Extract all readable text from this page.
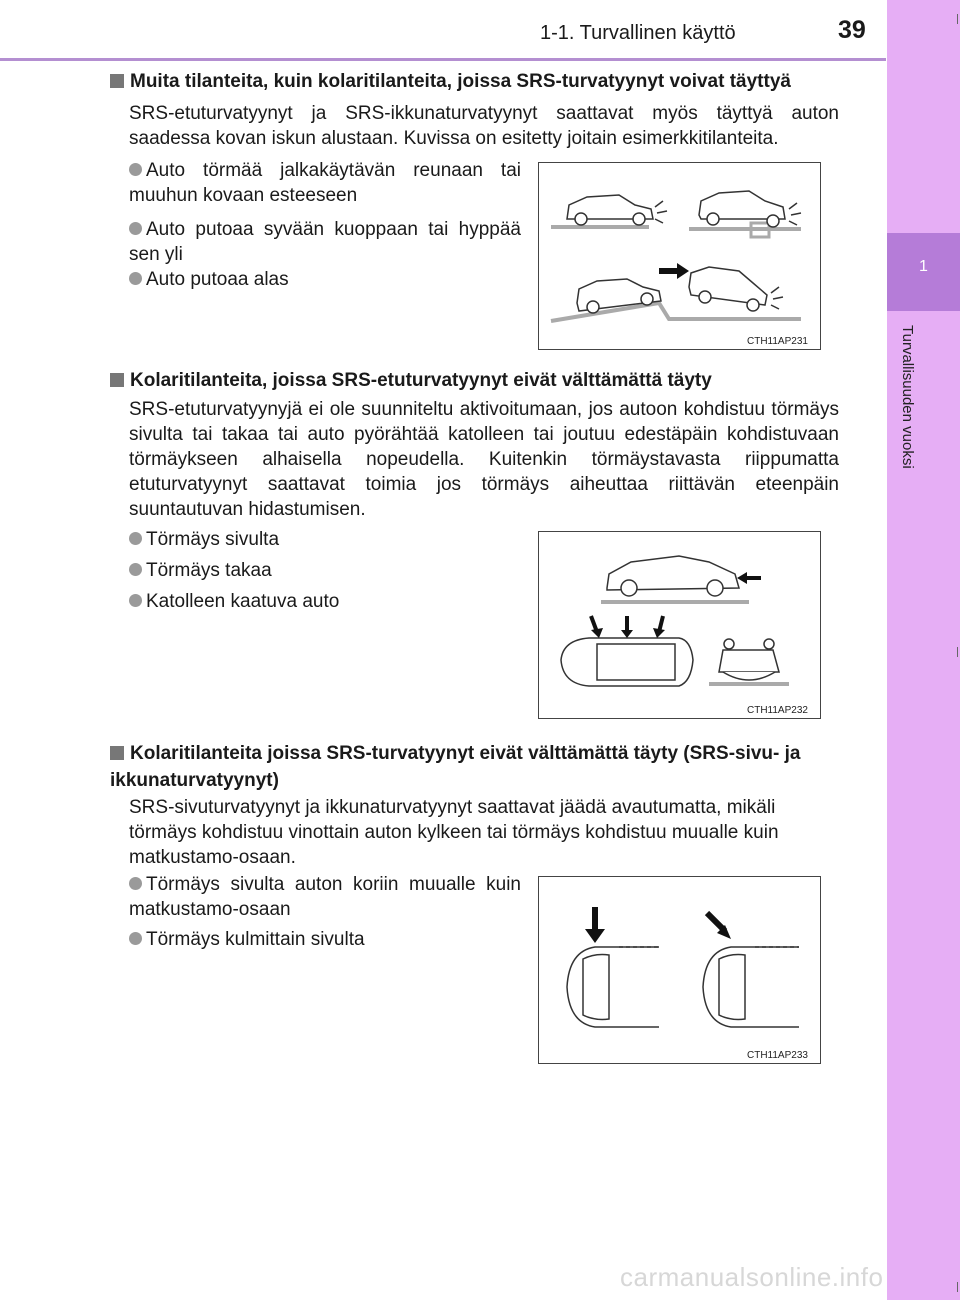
1-1. Turvallinen käyttö	39
1
Turvallisuuden vuoksi
Muita tilanteita, kuin kolaritilanteita, joissa SRS-turvatyynyt voivat täyttyä
SRS-etuturvatyynyt ja SRS-ikkunaturvatyynyt saattavat myös täyttyä auton saadessa kovan iskun alustaan. Kuvissa on esitetty joitain esimerkkitilanteita.
Auto törmää jalkakäytävän reunaan tai muuhun kovaan esteeseen
Auto putoaa syvään kuoppaan tai hyppää sen yli
Auto putoaa alas
CTH11AP231
Kolaritilanteita, joissa SRS-etuturvatyynyt eivät välttämättä täyty
SRS-etuturvatyynyjä ei ole suunniteltu aktivoitumaan, jos autoon kohdistuu törmäys sivulta tai takaa tai auto pyörähtää katolleen tai joutuu edestäpäin kohdistuvaan törmäykseen alhaisella nopeudella. Kuitenkin törmäystavasta riippumatta etuturvatyynyt saattavat toimia jos törmäys aiheuttaa riittävän eteenpäin suuntautuvan hidastumisen.
Törmäys sivulta
Törmäys takaa
Katolleen kaatuva auto
CTH11AP232
Kolaritilanteita joissa SRS-turvatyynyt eivät välttämättä täyty (SRS-sivu- ja ikkunaturvatyynyt)
SRS-sivuturvatyynyt ja ikkunaturvatyynyt saattavat jäädä avautumatta, mikäli törmäys kohdistuu vinottain auton kylkeen tai törmäys kohdistuu muualle kuin matkustamo-osaan.
Törmäys sivulta auton koriin muualle kuin matkustamo-osaan
Törmäys kulmittain sivulta
CTH11AP233
carmanualsonline.info
